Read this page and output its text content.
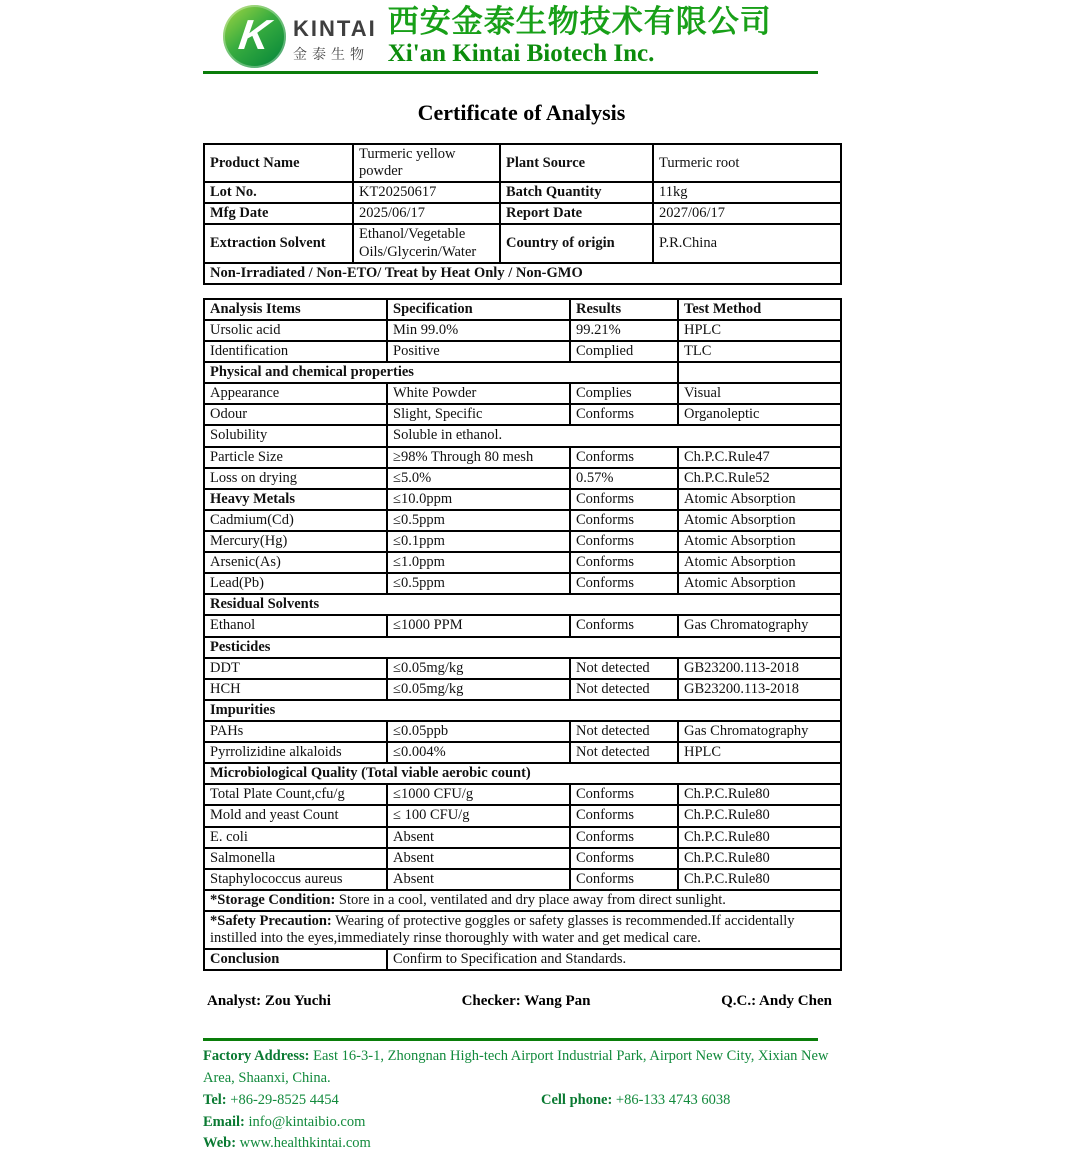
K KINTAI
金泰生物
西安金泰生物技术有限公司
Xi'an Kintai Biotech Inc.
Certificate of Analysis
Product Name	Turmeric yellow powder	Plant Source	Turmeric root
Lot No.	KT20250617	Batch Quantity	11kg
Mfg Date	2025/06/17	Report Date	2027/06/17
Extraction Solvent	Ethanol/Vegetable Oils/Glycerin/Water	Country of origin	P.R.China
Non-Irradiated / Non-ETO/ Treat by Heat Only / Non-GMO			
Analysis Items	Specification	Results	Test Method
Ursolic acid	Min 99.0%	99.21%	HPLC
Identification	Positive	Complied	TLC
Physical and chemical properties			
Appearance	White Powder	Complies	Visual
Odour	Slight, Specific	Conforms	Organoleptic
Solubility	Soluble in ethanol.		
Particle Size	≥98% Through 80 mesh	Conforms	Ch.P.C.Rule47
Loss on drying	≤5.0%	0.57%	Ch.P.C.Rule52
Heavy Metals	≤10.0ppm	Conforms	Atomic Absorption
Cadmium(Cd)	≤0.5ppm	Conforms	Atomic Absorption
Mercury(Hg)	≤0.1ppm	Conforms	Atomic Absorption
Arsenic(As)	≤1.0ppm	Conforms	Atomic Absorption
Lead(Pb)	≤0.5ppm	Conforms	Atomic Absorption
Residual Solvents			
Ethanol	≤1000 PPM	Conforms	Gas Chromatography
Pesticides			
DDT	≤0.05mg/kg	Not detected	GB23200.113-2018
HCH	≤0.05mg/kg	Not detected	GB23200.113-2018
Impurities			
PAHs	≤0.05ppb	Not detected	Gas Chromatography
Pyrrolizidine alkaloids	≤0.004%	Not detected	HPLC
Microbiological Quality (Total viable aerobic count)			
Total Plate Count,cfu/g	≤1000 CFU/g	Conforms	Ch.P.C.Rule80
Mold and yeast Count	≤ 100 CFU/g	Conforms	Ch.P.C.Rule80
E. coli	Absent	Conforms	Ch.P.C.Rule80
Salmonella	Absent	Conforms	Ch.P.C.Rule80
Staphylococcus aureus	Absent	Conforms	Ch.P.C.Rule80
*Storage Condition: Store in a cool, ventilated and dry place away from direct sunlight.			
*Safety Precaution: Wearing of protective goggles or safety glasses is recommended.If accidentally instilled into the eyes,immediately rinse thoroughly with water and get medical care.			
Conclusion	Confirm to Specification and Standards.		
Analyst: Zou Yuchi	Checker: Wang Pan	Q.C.: Andy Chen
Factory Address: East 16-3-1, Zhongnan High-tech Airport Industrial Park, Airport New City, Xixian New Area, Shaanxi, China.
Tel: +86-29-8525 4454	Cell phone: +86-133 4743 6038
Email: info@kintaibio.com
Web: www.healthkintai.com
